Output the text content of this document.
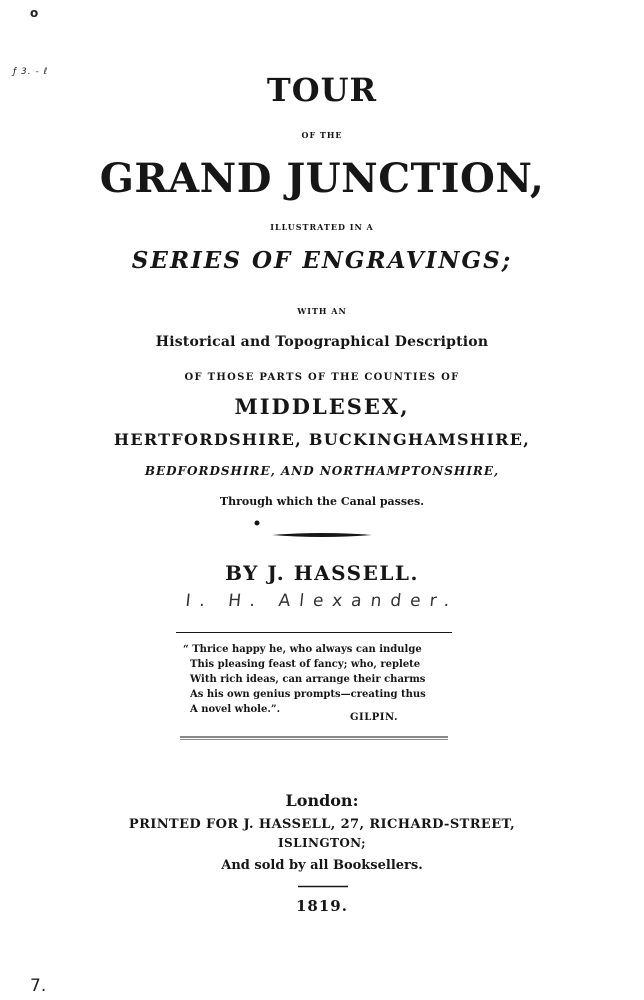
o
ƒ 3. - ℓ	TOUR
OF THE
GRAND JUNCTION,
ILLUSTRATED IN A
SERIES OF ENGRAVINGS;
WITH AN
Historical and Topographical Description
OF THOSE PARTS OF THE COUNTIES OF
MIDDLESEX,
HERTFORDSHIRE, BUCKINGHAMSHIRE,
BEDFORDSHIRE, AND NORTHAMPTONSHIRE,
Through which the Canal passes.
BY J. HASSELL.
I. H. Alexander.
“ Thrice happy he, who always can indulge
This pleasing feast of fancy; who, replete
With rich ideas, can arrange their charms
As his own genius prompts—creating thus
A novel whole.”.
GILPIN.
London:
PRINTED FOR J. HASSELL, 27, RICHARD-STREET,
ISLINGTON;
And sold by all Booksellers.
1819.
7.
